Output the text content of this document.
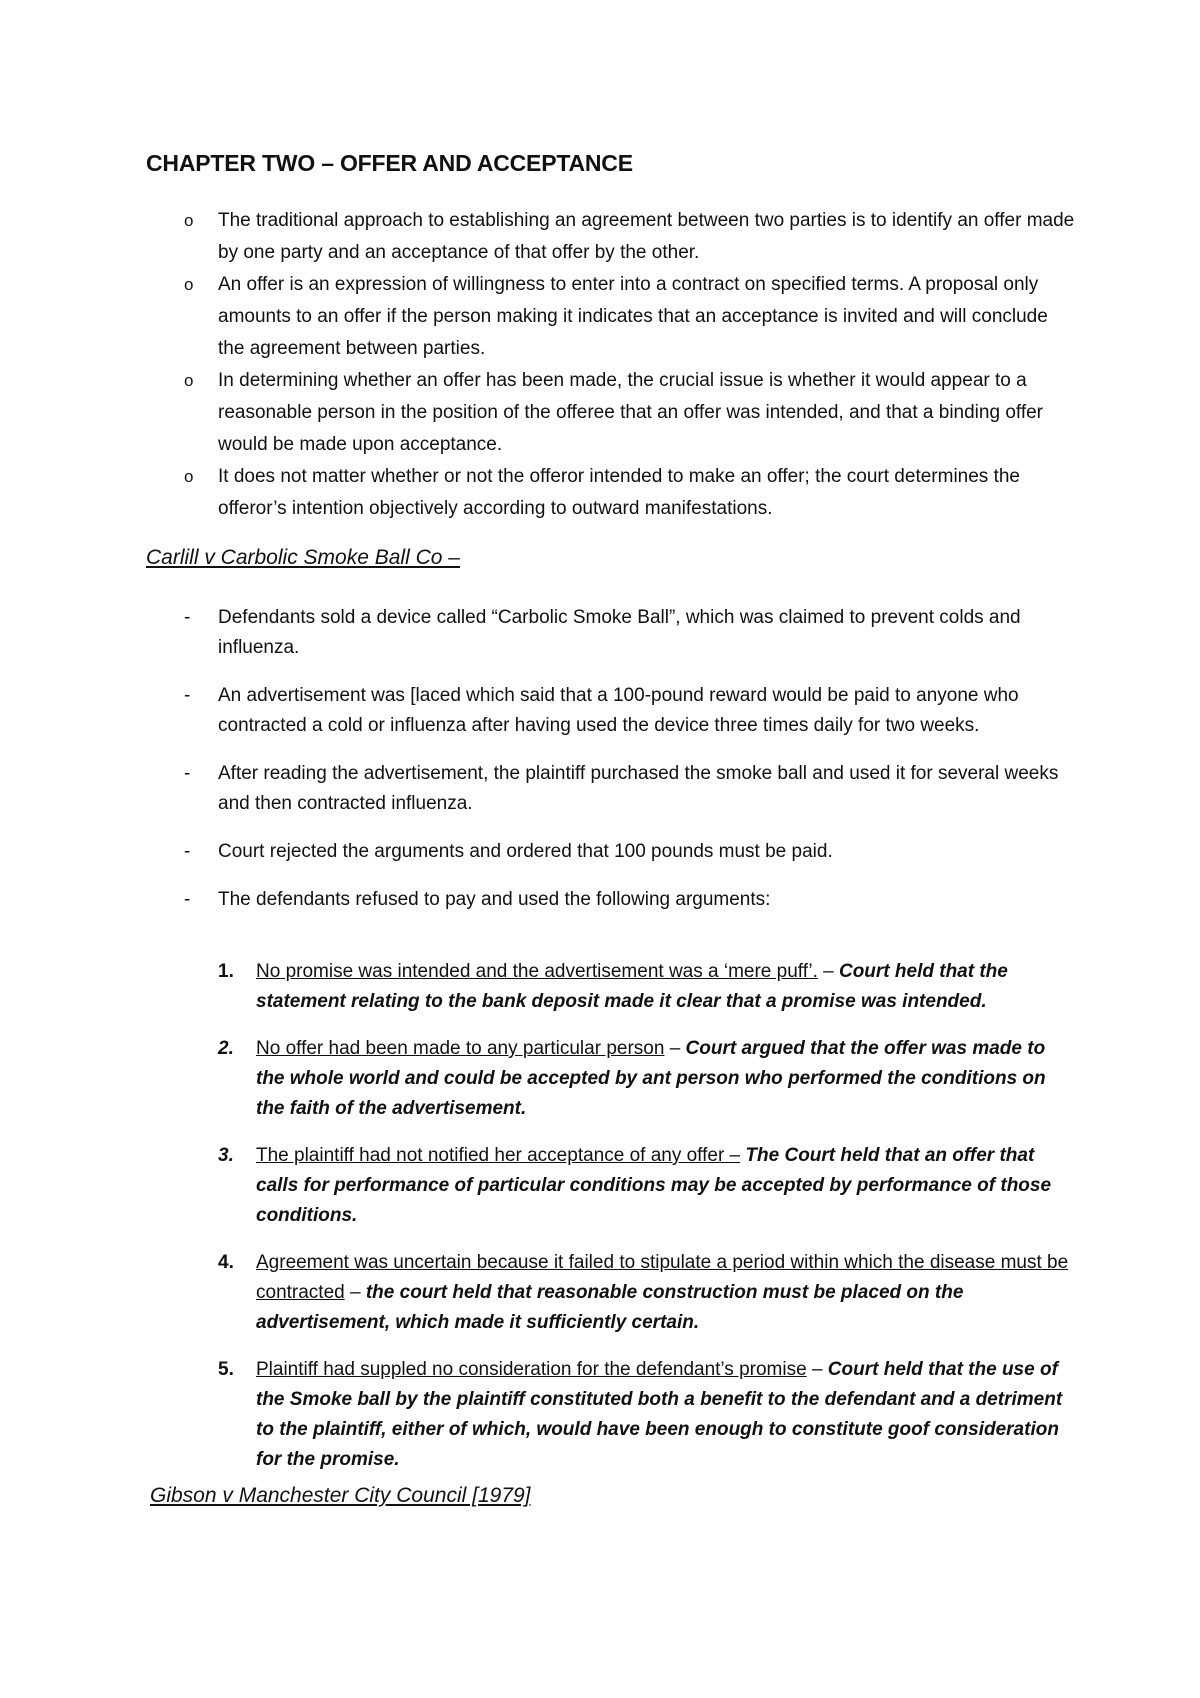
CHAPTER TWO – OFFER AND ACCEPTANCE
o The traditional approach to establishing an agreement between two parties is to identify an offer made by one party and an acceptance of that offer by the other.
o An offer is an expression of willingness to enter into a contract on specified terms. A proposal only amounts to an offer if the person making it indicates that an acceptance is invited and will conclude the agreement between parties.
o In determining whether an offer has been made, the crucial issue is whether it would appear to a reasonable person in the position of the offeree that an offer was intended, and that a binding offer would be made upon acceptance.
o It does not matter whether or not the offeror intended to make an offer; the court determines the offeror’s intention objectively according to outward manifestations.
Carlill v Carbolic Smoke Ball Co –
- Defendants sold a device called “Carbolic Smoke Ball”, which was claimed to prevent colds and influenza.
- An advertisement was [laced which said that a 100-pound reward would be paid to anyone who contracted a cold or influenza after having used the device three times daily for two weeks.
- After reading the advertisement, the plaintiff purchased the smoke ball and used it for several weeks and then contracted influenza.
- Court rejected the arguments and ordered that 100 pounds must be paid.
- The defendants refused to pay and used the following arguments:
1. No promise was intended and the advertisement was a ‘mere puff’. – Court held that the statement relating to the bank deposit made it clear that a promise was intended.
2. No offer had been made to any particular person – Court argued that the offer was made to the whole world and could be accepted by ant person who performed the conditions on the faith of the advertisement.
3. The plaintiff had not notified her acceptance of any offer – The Court held that an offer that calls for performance of particular conditions may be accepted by performance of those conditions.
4. Agreement was uncertain because it failed to stipulate a period within which the disease must be contracted – the court held that reasonable construction must be placed on the advertisement, which made it sufficiently certain.
5. Plaintiff had suppled no consideration for the defendant’s promise – Court held that the use of the Smoke ball by the plaintiff constituted both a benefit to the defendant and a detriment to the plaintiff, either of which, would have been enough to constitute goof consideration for the promise.
Gibson v Manchester City Council [1979]
